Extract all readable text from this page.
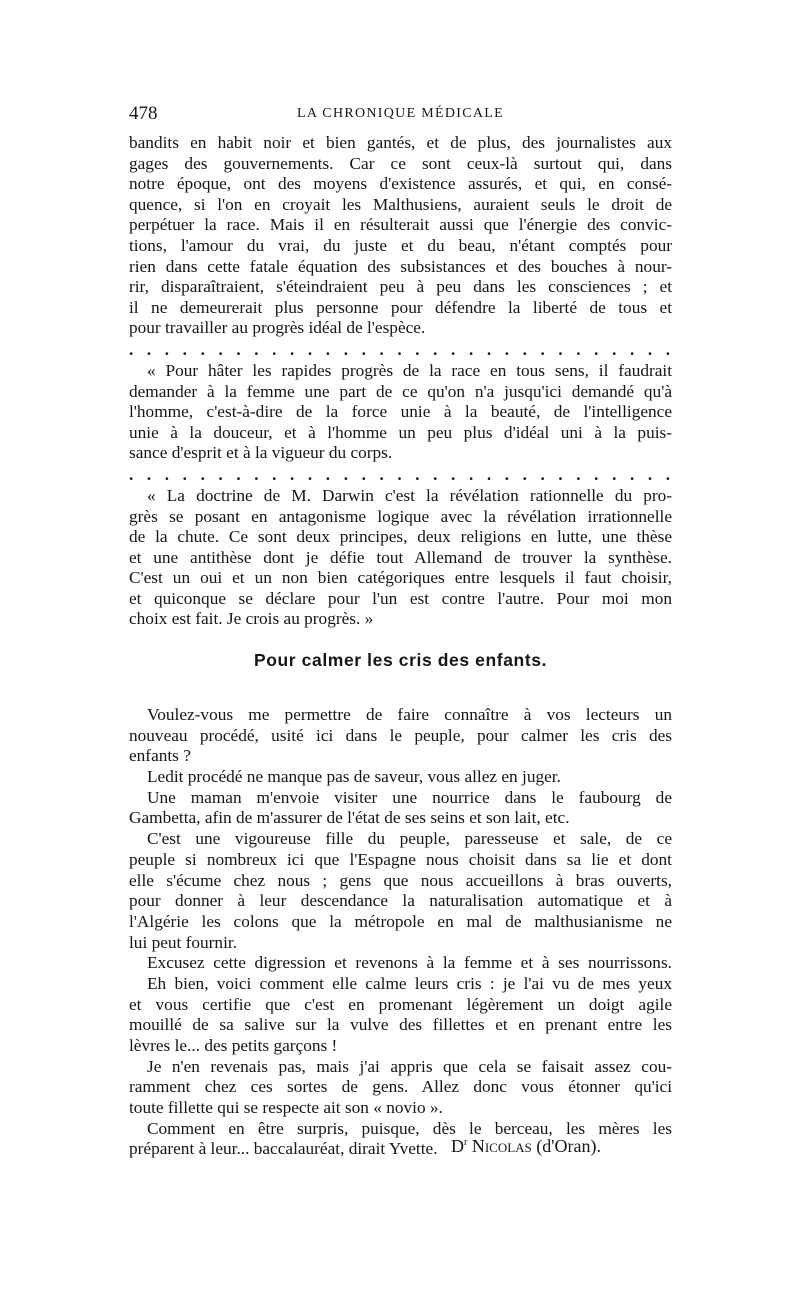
478	LA CHRONIQUE MÉDICALE
bandits en habit noir et bien gantés, et de plus, des journalistes aux
gages des gouvernements. Car ce sont ceux-là surtout qui, dans
notre époque, ont des moyens d'existence assurés, et qui, en consé-
quence, si l'on en croyait les Malthusiens, auraient seuls le droit de
perpétuer la race. Mais il en résulterait aussi que l'énergie des convic-
tions, l'amour du vrai, du juste et du beau, n'étant comptés pour
rien dans cette fatale équation des subsistances et des bouches à nour-
rir, disparaîtraient, s'éteindraient peu à peu dans les consciences ; et
il ne demeurerait plus personne pour défendre la liberté de tous et
pour travailler au progrès idéal de l'espèce.
. . . . . . . . . . . . . . . . . . . . . . . . . . . . . . .
« Pour hâter les rapides progrès de la race en tous sens, il faudrait
demander à la femme une part de ce qu'on n'a jusqu'ici demandé qu'à
l'homme, c'est-à-dire de la force unie à la beauté, de l'intelligence
unie à la douceur, et à l'homme un peu plus d'idéal uni à la puis-
sance d'esprit et à la vigueur du corps.
. . . . . . . . . . . . . . . . . . . . . . . . . . . . . . .
« La doctrine de M. Darwin c'est la révélation rationnelle du pro-
grès se posant en antagonisme logique avec la révélation irrationnelle
de la chute. Ce sont deux principes, deux religions en lutte, une thèse
et une antithèse dont je défie tout Allemand de trouver la synthèse.
C'est un oui et un non bien catégoriques entre lesquels il faut choisir,
et quiconque se déclare pour l'un est contre l'autre. Pour moi mon
choix est fait. Je crois au progrès. »
Pour calmer les cris des enfants.
Voulez-vous me permettre de faire connaître à vos lecteurs un
nouveau procédé, usité ici dans le peuple, pour calmer les cris des
enfants ?
Ledit procédé ne manque pas de saveur, vous allez en juger.
Une maman m'envoie visiter une nourrice dans le faubourg de
Gambetta, afin de m'assurer de l'état de ses seins et son lait, etc.
C'est une vigoureuse fille du peuple, paresseuse et sale, de ce
peuple si nombreux ici que l'Espagne nous choisit dans sa lie et dont
elle s'écume chez nous ; gens que nous accueillons à bras ouverts,
pour donner à leur descendance la naturalisation automatique et à
l'Algérie les colons que la métropole en mal de malthusianisme ne
lui peut fournir.
Excusez cette digression et revenons à la femme et à ses nourrissons.
Eh bien, voici comment elle calme leurs cris : je l'ai vu de mes yeux
et vous certifie que c'est en promenant légèrement un doigt agile
mouillé de sa salive sur la vulve des fillettes et en prenant entre les
lèvres le... des petits garçons !
Je n'en revenais pas, mais j'ai appris que cela se faisait assez cou-
ramment chez ces sortes de gens. Allez donc vous étonner qu'ici
toute fillette qui se respecte ait son « novio ».
Comment en être surpris, puisque, dès le berceau, les mères les
préparent à leur... baccalauréat, dirait Yvette. $D^r$ Nicolas (d'Oran).
